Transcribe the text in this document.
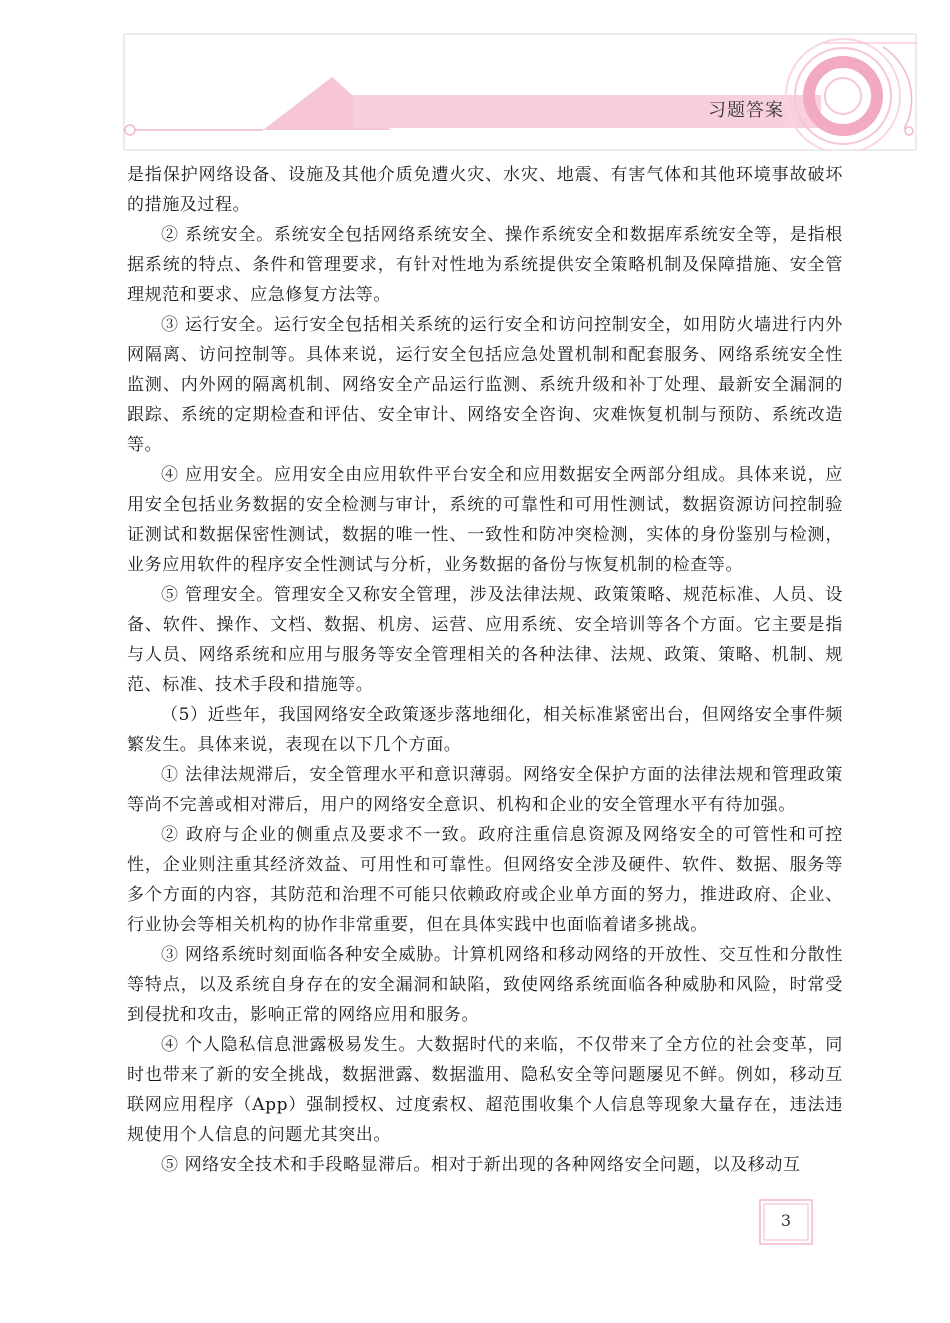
习题答案

是指保护网络设备、设施及其他介质免遭火灾、水灾、地震、有害气体和其他环境事故破坏的措施及过程。

② 系统安全。系统安全包括网络系统安全、操作系统安全和数据库系统安全等，是指根据系统的特点、条件和管理要求，有针对性地为系统提供安全策略机制及保障措施、安全管理规范和要求、应急修复方法等。

③ 运行安全。运行安全包括相关系统的运行安全和访问控制安全，如用防火墙进行内外网隔离、访问控制等。具体来说，运行安全包括应急处置机制和配套服务、网络系统安全性监测、内外网的隔离机制、网络安全产品运行监测、系统升级和补丁处理、最新安全漏洞的跟踪、系统的定期检查和评估、安全审计、网络安全咨询、灾难恢复机制与预防、系统改造等。

④ 应用安全。应用安全由应用软件平台安全和应用数据安全两部分组成。具体来说，应用安全包括业务数据的安全检测与审计，系统的可靠性和可用性测试，数据资源访问控制验证测试和数据保密性测试，数据的唯一性、一致性和防冲突检测，实体的身份鉴别与检测，业务应用软件的程序安全性测试与分析，业务数据的备份与恢复机制的检查等。

⑤ 管理安全。管理安全又称安全管理，涉及法律法规、政策策略、规范标准、人员、设备、软件、操作、文档、数据、机房、运营、应用系统、安全培训等各个方面。它主要是指与人员、网络系统和应用与服务等安全管理相关的各种法律、法规、政策、策略、机制、规范、标准、技术手段和措施等。

（5）近些年，我国网络安全政策逐步落地细化，相关标准紧密出台，但网络安全事件频繁发生。具体来说，表现在以下几个方面。

① 法律法规滞后，安全管理水平和意识薄弱。网络安全保护方面的法律法规和管理政策等尚不完善或相对滞后，用户的网络安全意识、机构和企业的安全管理水平有待加强。

② 政府与企业的侧重点及要求不一致。政府注重信息资源及网络安全的可管性和可控性，企业则注重其经济效益、可用性和可靠性。但网络安全涉及硬件、软件、数据、服务等多个方面的内容，其防范和治理不可能只依赖政府或企业单方面的努力，推进政府、企业、行业协会等相关机构的协作非常重要，但在具体实践中也面临着诸多挑战。

③ 网络系统时刻面临各种安全威胁。计算机网络和移动网络的开放性、交互性和分散性等特点，以及系统自身存在的安全漏洞和缺陷，致使网络系统面临各种威胁和风险，时常受到侵扰和攻击，影响正常的网络应用和服务。

④ 个人隐私信息泄露极易发生。大数据时代的来临，不仅带来了全方位的社会变革，同时也带来了新的安全挑战，数据泄露、数据滥用、隐私安全等问题屡见不鲜。例如，移动互联网应用程序（App）强制授权、过度索权、超范围收集个人信息等现象大量存在，违法违规使用个人信息的问题尤其突出。

⑤ 网络安全技术和手段略显滞后。相对于新出现的各种网络安全问题，以及移动互

3
